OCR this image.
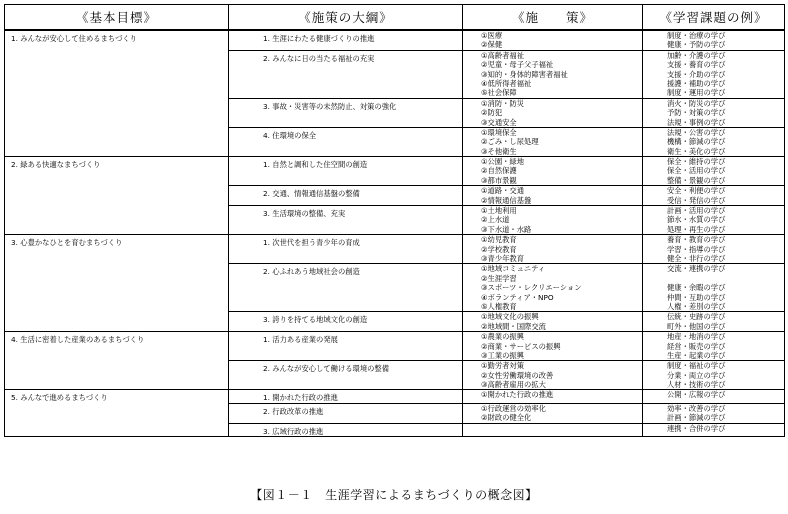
《基本目標》	《施策の大綱》	《施　　策》	《学習課題の例》
1. みんなが安心して住めるまちづくり	1. 生涯にわたる健康づくりの推進	①医療
②保健	制度・治療の学び
健康・予防の学び

	2. みんなに日の当たる福祉の充実	①高齢者福祉
②児童・母子父子福祉
③知的・身体的障害者福祉
④低所得者福祉
⑤社会保障	加齢・介護の学び
支援・養育の学び
支援・介助の学び
援護・補助の学び
制度・運用の学び

	3. 事故・災害等の未然防止、対策の強化	①消防・防災
②防犯
③交通安全	消火・防災の学び
予防・対策の学び
法規・事例の学び

	4. 住環境の保全	①環境保全
②ごみ・し尿処理
③そ他衛生	法規・公害の学び
機構・節減の学び
衛生・美化の学び

2. 緑ある快適なまちづくり	1. 自然と調和した住空間の創造	①公園・緑地
②自然保護
③都市景観	保全・維持の学び
保全・活用の学び
整備・景観の学び

	2. 交通、情報通信基盤の整備	①道路・交通
②情報通信基盤	安全・利便の学び
受信・発信の学び

	3. 生活環境の整備、充実	①土地利用
②上水道
③下水道・水路	計画・活用の学び
節水・水質の学び
処理・再生の学び

3. 心豊かなひとを育むまちづくり	1. 次世代を担う青少年の育成	①幼児教育
②学校教育
③青少年教育	養育・教育の学び
学習・指導の学び
健全・非行の学び

	2. 心ふれあう地域社会の創造	①地域コミュニティ
②生涯学習
③スポーツ・レクリエーション
④ボランティア・NPO
⑤人権教育	交流・連携の学び
健康・余暇の学び
仲間・互助の学び
人権・差別の学び

	3. 誇りを持てる地域文化の創造	①地域文化の振興
②地域間・国際交流	伝統・史跡の学び
町外・他国の学び

4. 生活に密着した産業のあるまちづくり	1. 活力ある産業の発展	①農業の振興
②商業・サービスの振興
③工業の振興	地産・地消の学び
経営・販売の学び
生産・起業の学び

	2. みんなが安心して働ける環境の整備	①勤労者対策
②女性労働環境の改善
③高齢者雇用の拡大	制度・福祉の学び
分業・両立の学び
人材・技術の学び

5. みんなで進めるまちづくり	1. 開かれた行政の推進	①開かれた行政の推進	公開・広報の学び

	2. 行政改革の推進	①行政運営の効率化
②財政の健全化	効率・改善の学び
計画・節減の学び

	3. 広域行政の推進		連携・合併の学び
【図１－１　生涯学習によるまちづくりの概念図】
